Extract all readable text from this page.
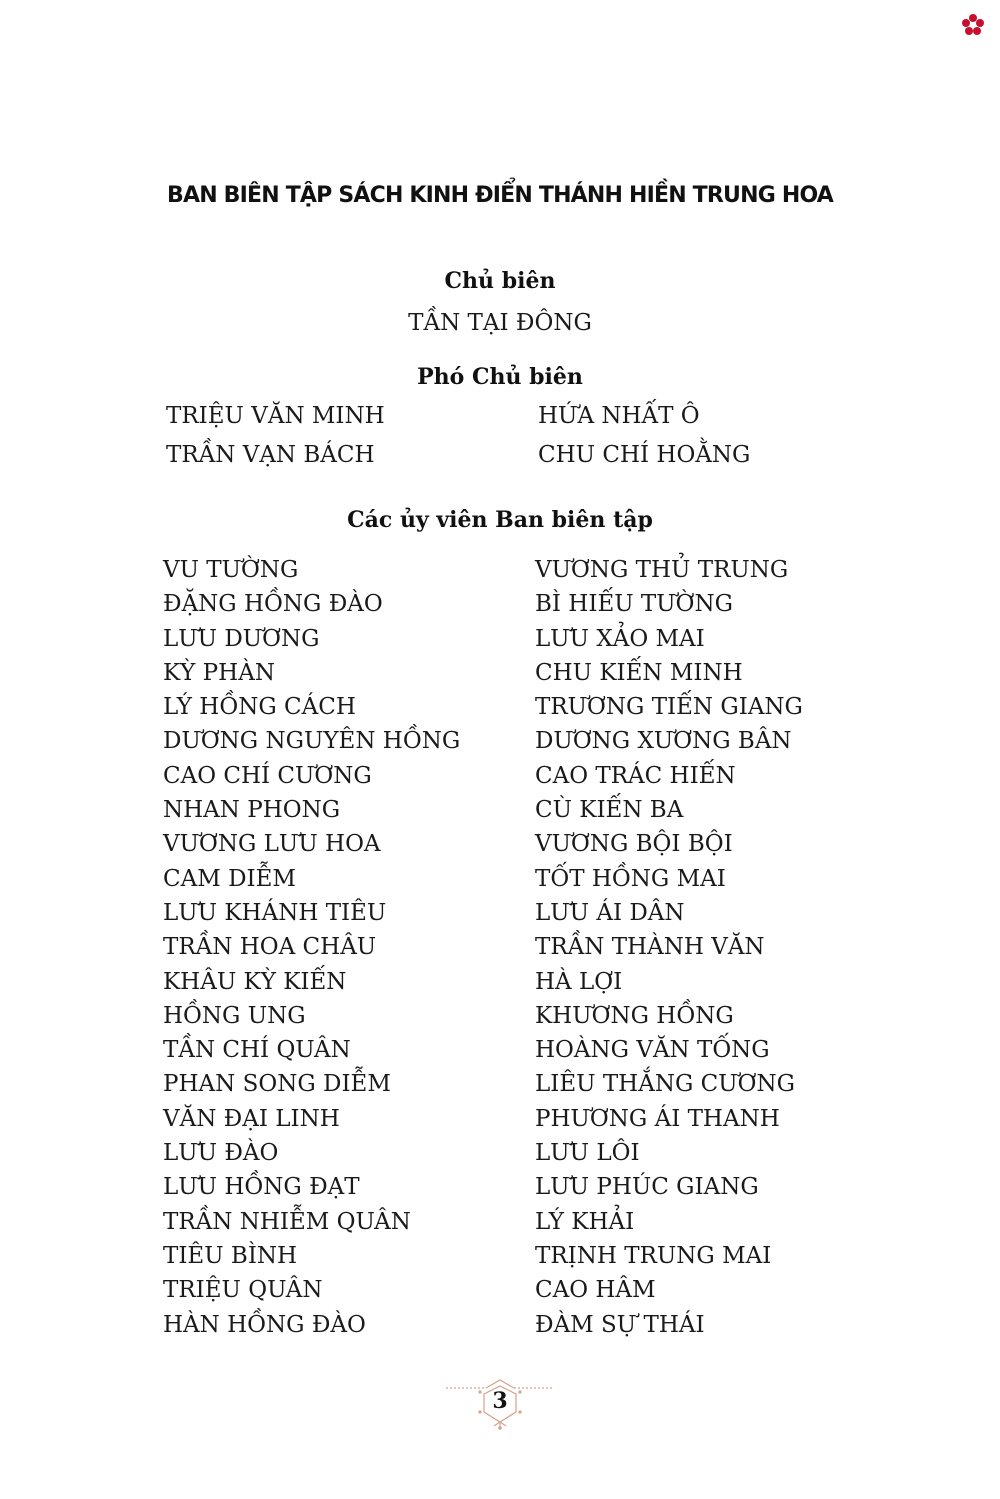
BAN BIÊN TẬP SÁCH KINH ĐIỂN THÁNH HIỀN TRUNG HOA
Chủ biên
TẦN TẠI ĐÔNG
Phó Chủ biên
TRIỆU VĂN MINH
TRẦN VẠN BÁCH
HỨA NHẤT Ô
CHU CHÍ HOẰNG
Các ủy viên Ban biên tập
VU TƯỜNG
ĐẶNG HỒNG ĐÀO
LƯU DƯƠNG
KỲ PHÀN
LÝ HỒNG CÁCH
DƯƠNG NGUYÊN HỒNG
CAO CHÍ CƯƠNG
NHAN PHONG
VƯƠNG LƯU HOA
CAM DIỄM
LƯU KHÁNH TIÊU
TRẦN HOA CHÂU
KHÂU KỲ KIẾN
HỒNG UNG
TẦN CHÍ QUÂN
PHAN SONG DIỄM
VĂN ĐẠI LINH
LƯU ĐÀO
LƯU HỒNG ĐẠT
TRẦN NHIỄM QUÂN
TIÊU BÌNH
TRIỆU QUÂN
HÀN HỒNG ĐÀO
VƯƠNG THỦ TRUNG
BÌ HIẾU TƯỜNG
LƯU XẢO MAI
CHU KIẾN MINH
TRƯƠNG TIẾN GIANG
DƯƠNG XƯƠNG BÂN
CAO TRÁC HIẾN
CÙ KIẾN BA
VƯƠNG BỘI BỘI
TỐT HỒNG MAI
LƯU ÁI DÂN
TRẦN THÀNH VĂN
HÀ LỢI
KHƯƠNG HỒNG
HOÀNG VĂN TỐNG
LIÊU THẮNG CƯƠNG
PHƯƠNG ÁI THANH
LƯU LÔI
LƯU PHÚC GIANG
LÝ KHẢI
TRỊNH TRUNG MAI
CAO HÂM
ĐÀM SỰ THÁI
3
